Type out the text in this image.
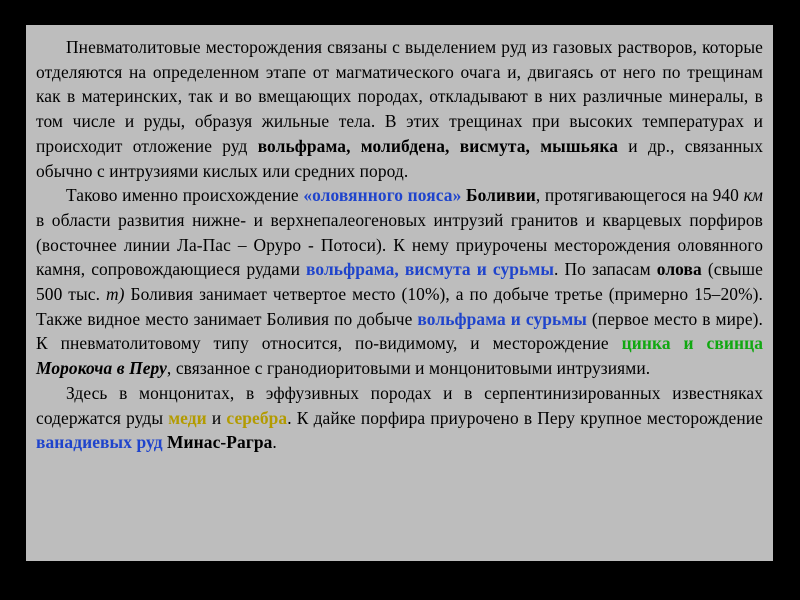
Пневматолитовые месторождения связаны с выделением руд из газовых растворов, которые отделяются на определенном этапе от магматического очага и, двигаясь от него по трещинам как в материнских, так и во вмещающих породах, откладывают в них различные минералы, в том числе и руды, образуя жильные тела. В этих трещинах при высоких температурах и происходит отложение руд вольфрама, молибдена, висмута, мышьяка и др., связанных обычно с интрузиями кислых или средних пород.

Таково именно происхождение «оловянного пояса» Боливии, протягивающегося на 940 км в области развития нижне- и верхнепалеогеновых интрузий гранитов и кварцевых порфиров (восточнее линии Ла-Пас – Оруро - Потоси). К нему приурочены месторождения оловянного камня, сопровождающиеся рудами вольфрама, висмута и сурьмы. По запасам олова (свыше 500 тыс. т) Боливия занимает четвертое место (10%), а по добыче третье (примерно 15–20%). Также видное место занимает Боливия по добыче вольфрама и сурьмы (первое место в мире). К пневматолитовому типу относится, по-видимому, и месторождение цинка и свинца Морокоча в Перу, связанное с гранодиоритовыми и монцонитовыми интрузиями.

Здесь в монцонитах, в эффузивных породах и в серпентинизированных известняках содержатся руды меди и серебра. К дайке порфира приурочено в Перу крупное месторождение ванадиевых руд Минас-Рагра.
